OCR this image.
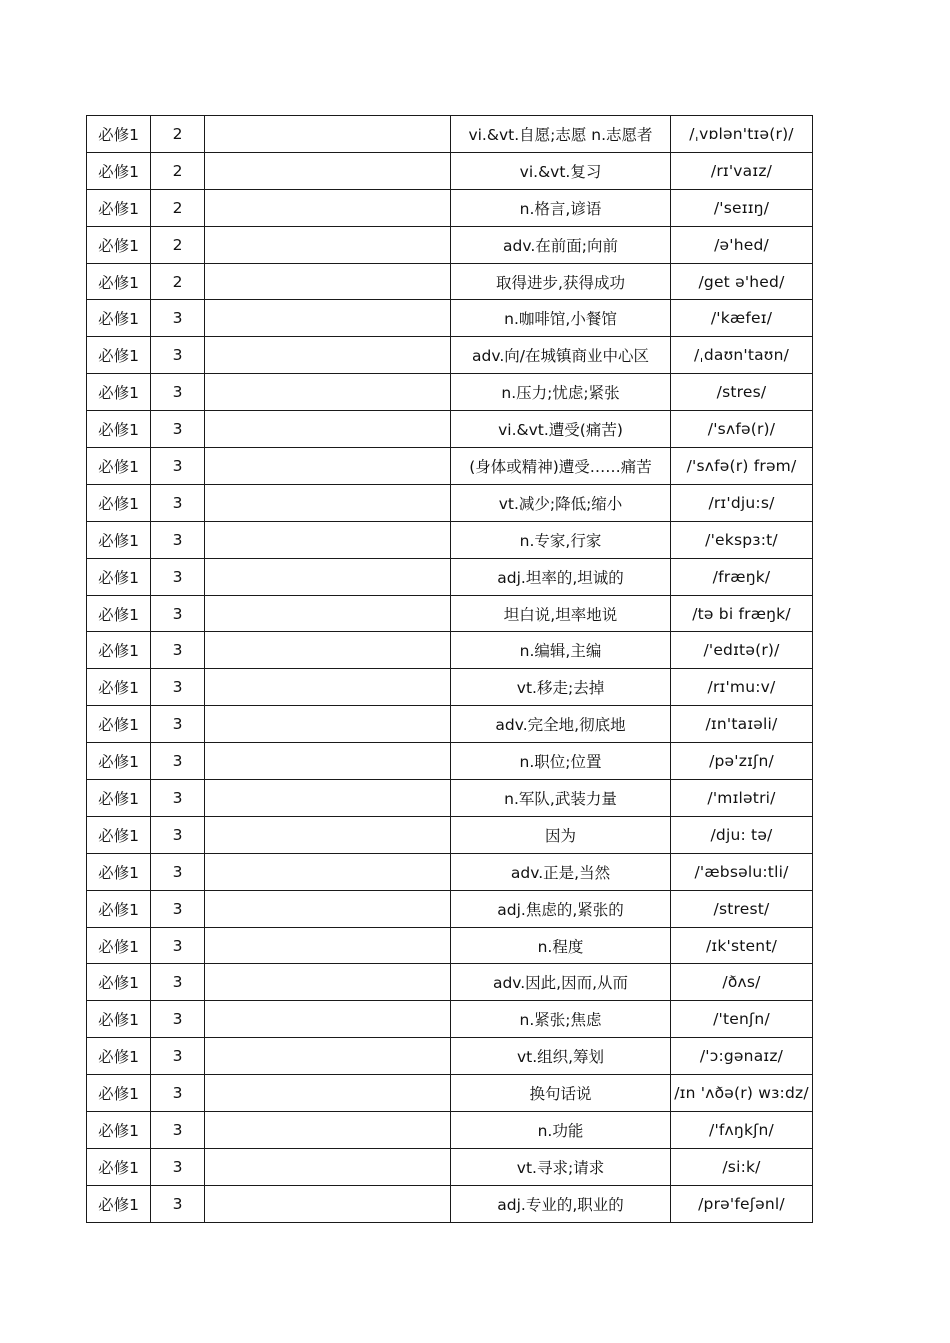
必修1	2		vi.&vt.自愿;志愿 n.志愿者	/ˌvɒlən'tɪə(r)/
必修1	2		vi.&vt.复习	/rɪ'vaɪz/
必修1	2		n.格言,谚语	/'seɪɪŋ/
必修1	2		adv.在前面;向前	/ə'hed/
必修1	2		取得进步,获得成功	/get ə'hed/
必修1	3		n.咖啡馆,小餐馆	/'kæfeɪ/
必修1	3		adv.向/在城镇商业中心区	/ˌdaʊn'taʊn/
必修1	3		n.压力;忧虑;紧张	/stres/
必修1	3		vi.&vt.遭受(痛苦)	/'sʌfə(r)/
必修1	3		(身体或精神)遭受……痛苦	/'sʌfə(r) frəm/
必修1	3		vt.减少;降低;缩小	/rɪ'dju:s/
必修1	3		n.专家,行家	/'ekspɜ:t/
必修1	3		adj.坦率的,坦诚的	/fræŋk/
必修1	3		坦白说,坦率地说	/tə bi fræŋk/
必修1	3		n.编辑,主编	/'edɪtə(r)/
必修1	3		vt.移走;去掉	/rɪ'mu:v/
必修1	3		adv.完全地,彻底地	/ɪn'taɪəli/
必修1	3		n.职位;位置	/pə'zɪʃn/
必修1	3		n.军队,武装力量	/'mɪlətri/
必修1	3		因为	/dju: tə/
必修1	3		adv.正是,当然	/'æbsəlu:tli/
必修1	3		adj.焦虑的,紧张的	/strest/
必修1	3		n.程度	/ɪk'stent/
必修1	3		adv.因此,因而,从而	/ðʌs/
必修1	3		n.紧张;焦虑	/'tenʃn/
必修1	3		vt.组织,筹划	/'ɔ:gənaɪz/
必修1	3		换句话说	/ɪn 'ʌðə(r) wɜ:dz/
必修1	3		n.功能	/'fʌŋkʃn/
必修1	3		vt.寻求;请求	/si:k/
必修1	3		adj.专业的,职业的	/prə'feʃənl/
